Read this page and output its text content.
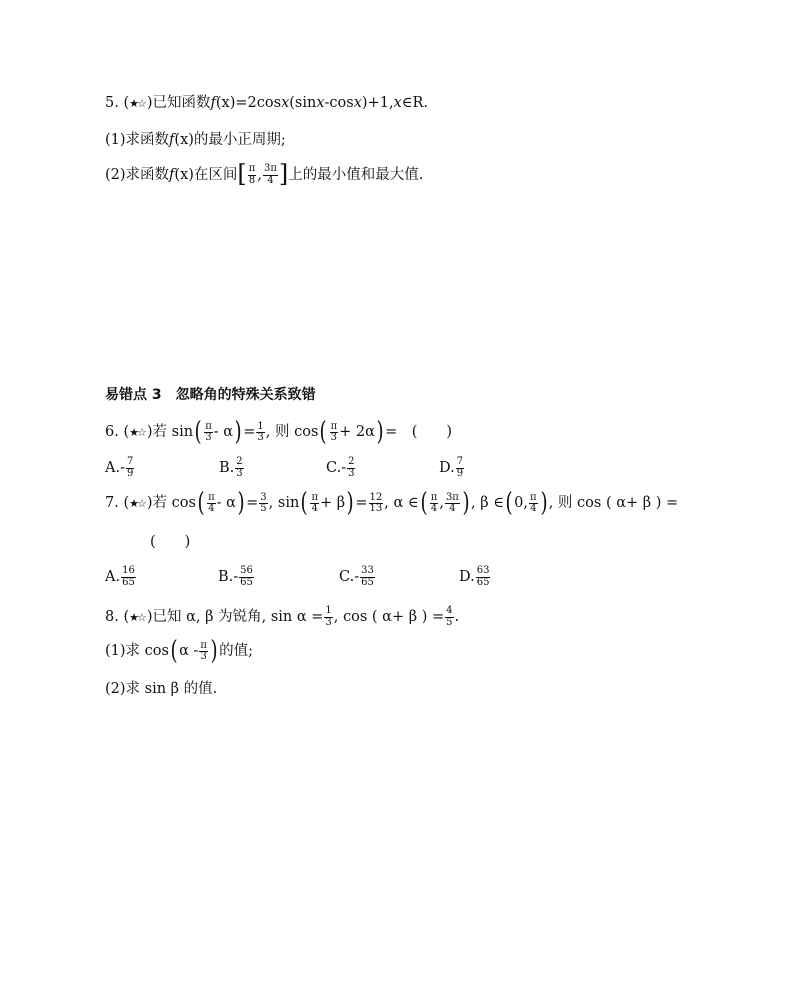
5. ( ★☆ ) 已知函数 f (x) =2cos x (sin x -cos x )+1, x ∈R.
(1)求函数 f (x) 的最小正周期;
(2)求函数 f (x) 在区间 [ $\frac{\pi}{8}$ , $\frac{3\pi}{4}$ ] 上的最小值和最大值.
易错点 3　忽略角的特殊关系致错
6. ( ★☆ ) 若 sin ( $\frac{\pi}{3}$ - α ) = $\frac{1}{3}$ , 则 cos ( $\frac{\pi}{3} + 2\alpha$ ) =　(　　)
A. - $\frac{7}{9}$	B. $\frac{2}{3}$	C. - $\frac{2}{3}$	D. $\frac{7}{9}$
7. ( ★☆ ) 若 cos ( $\frac{\pi}{4}$ - α ) = $\frac{3}{5}$ , sin ( $\frac{\pi}{4} + \beta$ ) = $\frac{12}{13}$ , α ∈ ( $\frac{\pi}{4}$ , $\frac{3\pi}{4}$ ) , β ∈ ( 0, $\frac{\pi}{4}$ ) , 则 cos ( α+ β ) =
(　　)
A. $\frac{16}{65}$	B. - $\frac{56}{65}$	C. - $\frac{33}{65}$	D. $\frac{63}{65}$
8. ( ★☆ ) 已知 α, β 为锐角, $\sin \alpha = \frac{1}{3}$ , cos ( α+ β ) = $\frac{4}{5}$ .
(1)求 cos ( α - $\frac{\pi}{3}$ ) 的值;
(2)求 sin β 的值.
